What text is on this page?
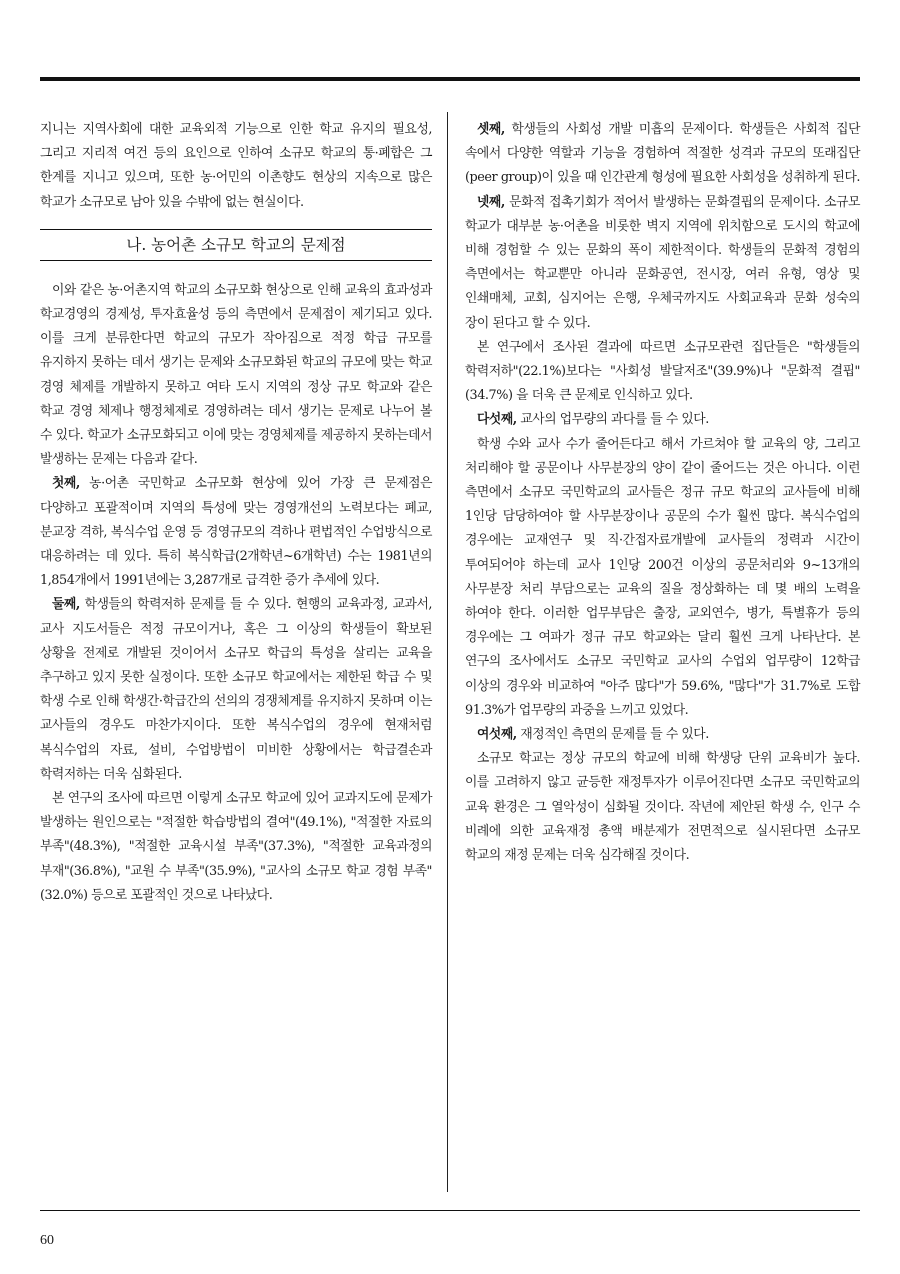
지니는 지역사회에 대한 교육외적 기능으로 인한 학교 유지의 필요성, 그리고 지리적 여건 등의 요인으로 인하여 소규모 학교의 통·폐합은 그 한계를 지니고 있으며, 또한 농·어민의 이촌향도 현상의 지속으로 많은 학교가 소규모로 남아 있을 수밖에 없는 현실이다.

나. 농어촌 소규모 학교의 문제점

이와 같은 농·어촌지역 학교의 소규모화 현상으로 인해 교육의 효과성과 학교경영의 경제성, 투자효율성 등의 측면에서 문제점이 제기되고 있다. 이를 크게 분류한다면 학교의 규모가 작아짐으로 적정 학급 규모를 유지하지 못하는 데서 생기는 문제와 소규모화된 학교의 규모에 맞는 학교 경영 체제를 개발하지 못하고 여타 도시 지역의 정상 규모 학교와 같은 학교 경영 체제나 행정체제로 경영하려는 데서 생기는 문제로 나누어 볼 수 있다. 학교가 소규모화되고 이에 맞는 경영체제를 제공하지 못하는데서 발생하는 문제는 다음과 같다.

첫째, 농·어촌 국민학교 소규모화 현상에 있어 가장 큰 문제점은 다양하고 포괄적이며 지역의 특성에 맞는 경영개선의 노력보다는 폐교, 분교장 격하, 복식수업 운영 등 경영규모의 격하나 편법적인 수업방식으로 대응하려는 데 있다. 특히 복식학급(2개학년~6개학년) 수는 1981년의 1,854개에서 1991년에는 3,287개로 급격한 증가 추세에 있다.

둘째, 학생들의 학력저하 문제를 들 수 있다. 현행의 교육과정, 교과서, 교사 지도서들은 적정 규모이거나, 혹은 그 이상의 학생들이 확보된 상황을 전제로 개발된 것이어서 소규모 학급의 특성을 살리는 교육을 추구하고 있지 못한 실정이다. 또한 소규모 학교에서는 제한된 학급 수 및 학생 수로 인해 학생간·학급간의 선의의 경쟁체계를 유지하지 못하며 이는 교사들의 경우도 마찬가지이다. 또한 복식수업의 경우에 현재처럼 복식수업의 자료, 설비, 수업방법이 미비한 상황에서는 학급결손과 학력저하는 더욱 심화된다.

본 연구의 조사에 따르면 이렇게 소규모 학교에 있어 교과지도에 문제가 발생하는 원인으로는 "적절한 학습방법의 결여"(49.1%), "적절한 자료의 부족"(48.3%), "적절한 교육시설 부족"(37.3%), "적절한 교육과정의 부재"(36.8%), "교원 수 부족"(35.9%), "교사의 소규모 학교 경험 부족"(32.0%) 등으로 포괄적인 것으로 나타났다.

셋째, 학생들의 사회성 개발 미흡의 문제이다. 학생들은 사회적 집단 속에서 다양한 역할과 기능을 경험하여 적절한 성격과 규모의 또래집단(peer group)이 있을 때 인간관계 형성에 필요한 사회성을 성취하게 된다.

넷째, 문화적 접촉기회가 적어서 발생하는 문화결핍의 문제이다. 소규모 학교가 대부분 농·어촌을 비롯한 벽지 지역에 위치함으로 도시의 학교에 비해 경험할 수 있는 문화의 폭이 제한적이다. 학생들의 문화적 경험의 측면에서는 학교뿐만 아니라 문화공연, 전시장, 여러 유형, 영상 및 인쇄매체, 교회, 심지어는 은행, 우체국까지도 사회교육과 문화 성숙의 장이 된다고 할 수 있다.

본 연구에서 조사된 결과에 따르면 소규모관련 집단들은 "학생들의 학력저하"(22.1%)보다는 "사회성 발달저조"(39.9%)나 "문화적 결핍"(34.7%) 을 더욱 큰 문제로 인식하고 있다.

다섯째, 교사의 업무량의 과다를 들 수 있다.

학생 수와 교사 수가 줄어든다고 해서 가르쳐야 할 교육의 양, 그리고 처리해야 할 공문이나 사무분장의 양이 같이 줄어드는 것은 아니다. 이런 측면에서 소규모 국민학교의 교사들은 정규 규모 학교의 교사들에 비해 1인당 담당하여야 할 사무분장이나 공문의 수가 훨씬 많다. 복식수업의 경우에는 교재연구 및 직·간접자료개발에 교사들의 정력과 시간이 투여되어야 하는데 교사 1인당 200건 이상의 공문처리와 9~13개의 사무분장 처리 부담으로는 교육의 질을 정상화하는 데 몇 배의 노력을 하여야 한다. 이러한 업무부담은 출장, 교외연수, 병가, 특별휴가 등의 경우에는 그 여파가 정규 규모 학교와는 달리 훨씬 크게 나타난다. 본 연구의 조사에서도 소규모 국민학교 교사의 수업외 업무량이 12학급 이상의 경우와 비교하여 "아주 많다"가 59.6%, "많다"가 31.7%로 도합 91.3%가 업무량의 과중을 느끼고 있었다.

여섯째, 재정적인 측면의 문제를 들 수 있다.

소규모 학교는 정상 규모의 학교에 비해 학생당 단위 교육비가 높다. 이를 고려하지 않고 균등한 재정투자가 이루어진다면 소규모 국민학교의 교육 환경은 그 열악성이 심화될 것이다. 작년에 제안된 학생 수, 인구 수 비례에 의한 교육재정 총액 배분제가 전면적으로 실시된다면 소규모 학교의 재정 문제는 더욱 심각해질 것이다.

60
